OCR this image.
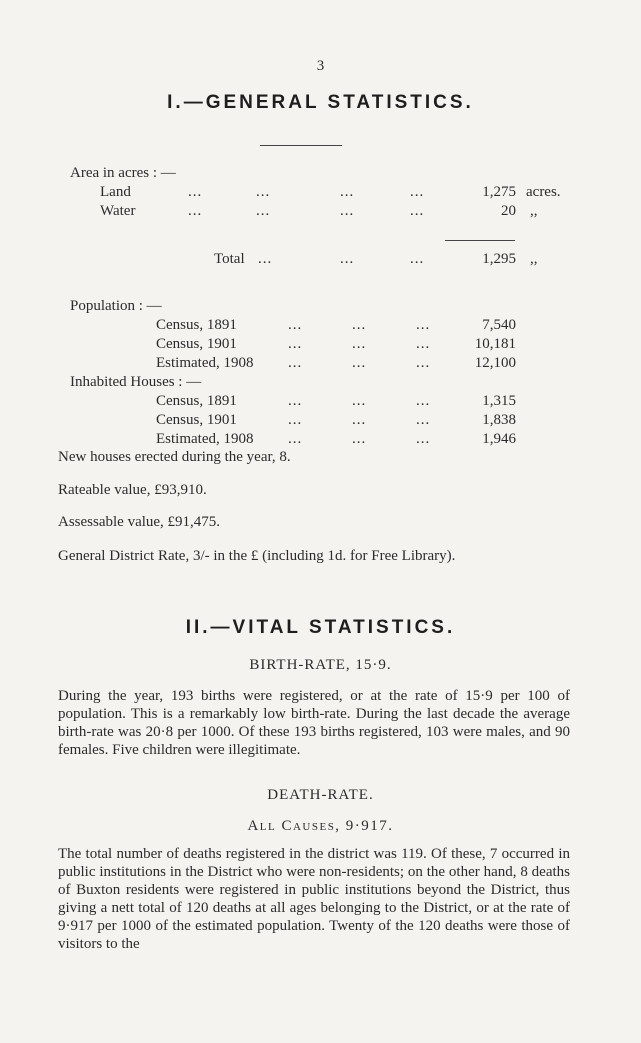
3
I.—GENERAL STATISTICS.
Area in acres : —
Land	...	...	...	...	1,275 acres.
Water	...	...	...	...	20 ,,
Total ...	...	...	1,295 ,,
Population : —
Census, 1891	...	...	...	7,540
Census, 1901	...	...	...	10,181
Estimated, 1908 ...	...	...	12,100
Inhabited Houses : —
Census, 1891	...	...	...	1,315
Census, 1901	...	...	...	1,838
Estimated, 1908 ...	...	...	1,946
New houses erected during the year, 8.
Rateable value, £93,910.
Assessable value, £91,475.
General District Rate, 3/- in the £ (including 1d. for Free Library).
II.—VITAL STATISTICS.
BIRTH-RATE, 15·9.
During the year, 193 births were registered, or at the rate of 15·9 per 100 of population. This is a remarkably low birth-rate. During the last decade the average birth-rate was 20·8 per 1000. Of these 193 births registered, 103 were males, and 90 females. Five children were illegitimate.
DEATH-RATE.
All Causes, 9·917.
The total number of deaths registered in the district was 119. Of these, 7 occurred in public institutions in the District who were non-residents; on the other hand, 8 deaths of Buxton residents were registered in public institutions beyond the District, thus giving a nett total of 120 deaths at all ages belonging to the District, or at the rate of 9·917 per 1000 of the estimated population. Twenty of the 120 deaths were those of visitors to the
